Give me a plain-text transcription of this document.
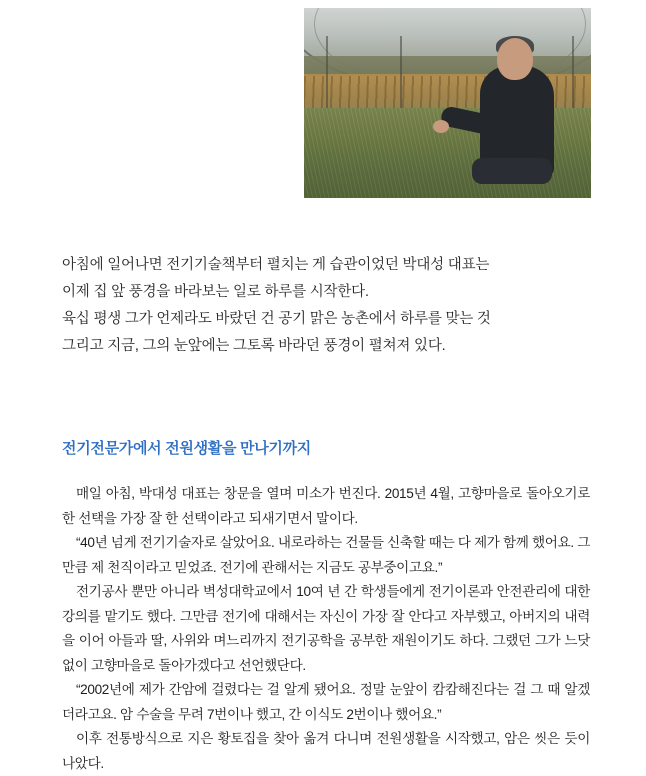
아침에 일어나면 전기기술책부터 펼치는 게 습관이었던 박대성 대표는

이제 집 앞 풍경을 바라보는 일로 하루를 시작한다.

육십 평생 그가 언제라도 바랐던 건 공기 맑은 농촌에서 하루를 맞는 것

그리고 지금, 그의 눈앞에는 그토록 바라던 풍경이 펼쳐져 있다.

전기전문가에서 전원생활을 만나기까지

매일 아침, 박대성 대표는 창문을 열며 미소가 번진다. 2015년 4월, 고향마을로 돌아오기로 한 선택을 가장 잘 한 선택이라고 되새기면서 말이다.

“40년 넘게 전기기술자로 살았어요. 내로라하는 건물들 신축할 때는 다 제가 함께 했어요. 그만큼 제 천직이라고 믿었죠. 전기에 관해서는 지금도 공부중이고요.”

전기공사 뿐만 아니라 벽성대학교에서 10여 년 간 학생들에게 전기이론과 안전관리에 대한 강의를 맡기도 했다. 그만큼 전기에 대해서는 자신이 가장 잘 안다고 자부했고, 아버지의 내력을 이어 아들과 딸, 사위와 며느리까지 전기공학을 공부한 재원이기도 하다. 그랬던 그가 느닷없이 고향마을로 돌아가겠다고 선언했단다.

“2002년에 제가 간암에 걸렸다는 걸 알게 됐어요. 정말 눈앞이 캄캄해진다는 걸 그 때 알겠더라고요. 암 수술을 무려 7번이나 했고, 간 이식도 2번이나 했어요.”

이후 전통방식으로 지은 황토집을 찾아 옮겨 다니며 전원생활을 시작했고, 암은 씻은 듯이 나았다.
